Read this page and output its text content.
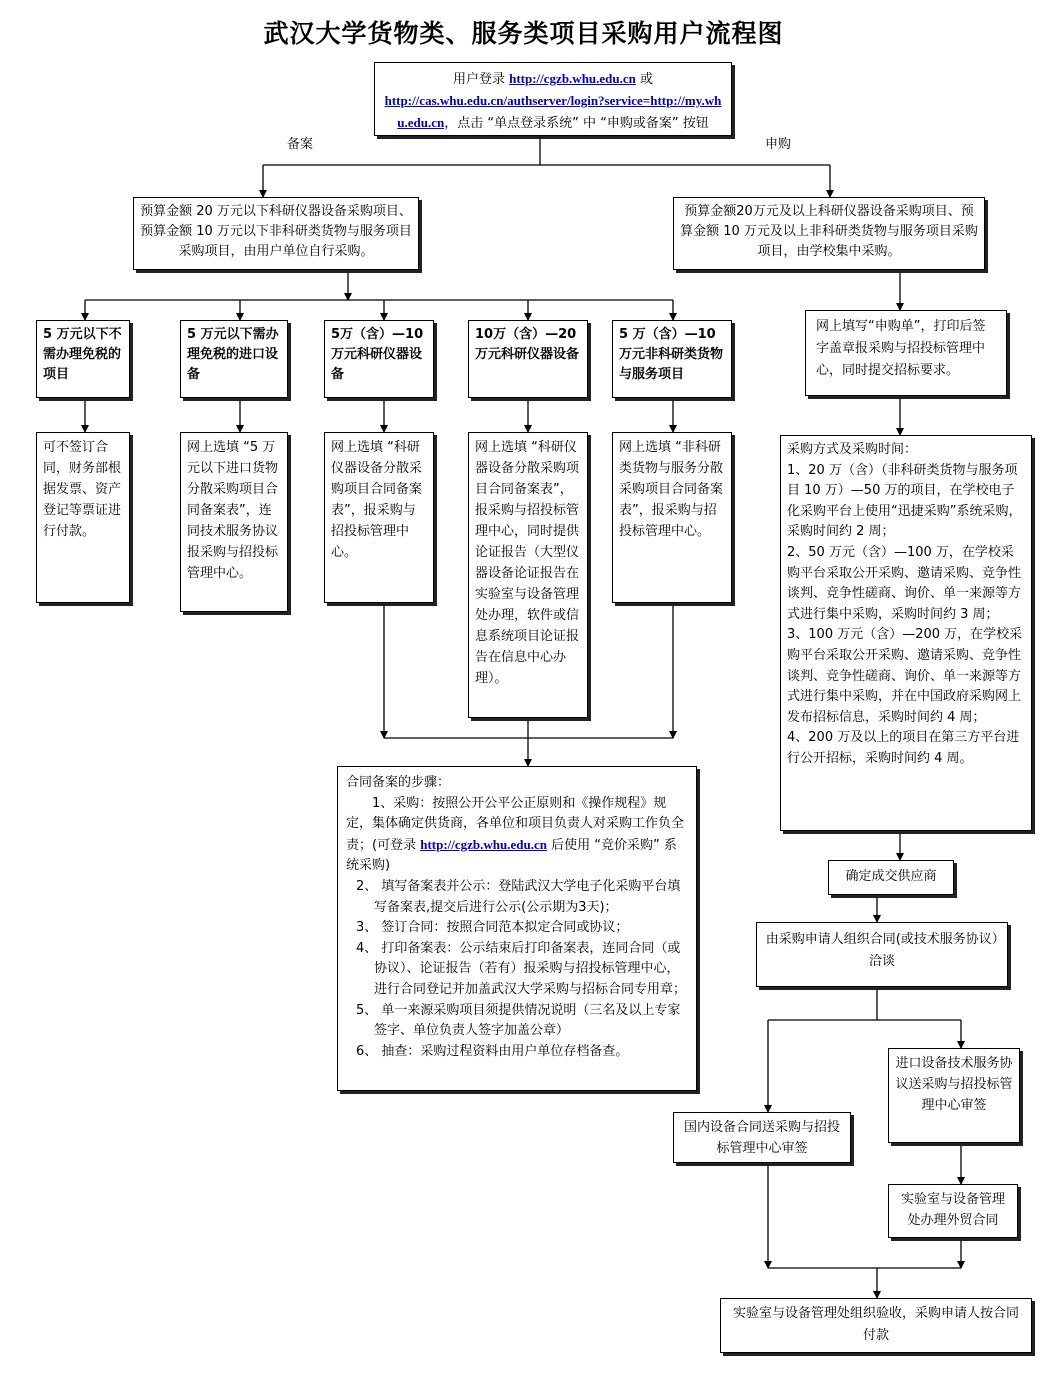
武汉大学货物类、服务类项目采购用户流程图
用户登录 http://cgzb.whu.edu.cn 或
http://cas.whu.edu.cn/authserver/login?service=http://my.whu.edu.cn，点击 “单点登录系统” 中 “申购或备案” 按钮
备案	申购
预算金额 20 万元以下科研仪器设备采购项目、预算金额 10 万元以下非科研类货物与服务项目采购项目，由用户单位自行采购。
预算金额20万元及以上科研仪器设备采购项目、预算金额 10 万元及以上非科研类货物与服务项目采购项目，由学校集中采购。
5 万元以下不需办理免税的项目
5 万元以下需办理免税的进口设备
5万（含）—10万元科研仪器设备
10万（含）—20万元科研仪器设备
5 万（含）—10万元非科研类货物与服务项目
可不签订合同，财务部根据发票、资产登记等票证进行付款。
网上选填 “5 万元以下进口货物分散采购项目合同备案表”，连同技术服务协议报采购与招投标管理中心。
网上选填 “科研仪器设备分散采购项目合同备案表”，报采购与招投标管理中心。
网上选填 “科研仪器设备分散采购项目合同备案表”，报采购与招投标管理中心，同时提供论证报告（大型仪器设备论证报告在实验室与设备管理处办理，软件或信息系统项目论证报告在信息中心办理）。
网上选填 “非科研类货物与服务分散采购项目合同备案表”，报采购与招投标管理中心。
网上填写“申购单”，打印后签字盖章报采购与招投标管理中心，同时提交招标要求。

采购方式及采购时间：

1、20 万（含）（非科研类货物与服务项目 10 万）—50 万的项目，在学校电子化采购平台上使用“迅捷采购”系统采购，采购时间约 2 周；

2、50 万元（含）—100 万，在学校采购平台采取公开采购、邀请采购、竞争性谈判、竞争性磋商、询价、单一来源等方式进行集中采购，采购时间约 3 周；

3、100 万元（含）—200 万，在学校采购平台采取公开采购、邀请采购、竞争性谈判、竞争性磋商、询价、单一来源等方式进行集中采购，并在中国政府采购网上发布招标信息，采购时间约 4 周；

4、200 万及以上的项目在第三方平台进行公开招标，采购时间约 4 周。

确定成交供应商
由采购申请人组织合同(或技术服务协议）洽谈
国内设备合同送采购与招投标管理中心审签
进口设备技术服务协议送采购与招投标管理中心审签
实验室与设备管理处办理外贸合同
实验室与设备管理处组织验收，采购申请人按合同付款

合同备案的步骤：

1、采购：按照公开公平公正原则和《操作规程》规定，集体确定供货商，各单位和项目负责人对采购工作负全责；(可登录 http://cgzb.whu.edu.cn 后使用 “竞价采购” 系统采购)

2、 填写备案表并公示：登陆武汉大学电子化采购平台填写备案表,提交后进行公示(公示期为3天)；

3、 签订合同：按照合同范本拟定合同或协议；

4、 打印备案表：公示结束后打印备案表，连同合同（或协议）、论证报告（若有）报采购与招投标管理中心，进行合同登记并加盖武汉大学采购与招标合同专用章；

5、 单一来源采购项目须提供情况说明（三名及以上专家签字、单位负责人签字加盖公章）

6、 抽查：采购过程资料由用户单位存档备查。
